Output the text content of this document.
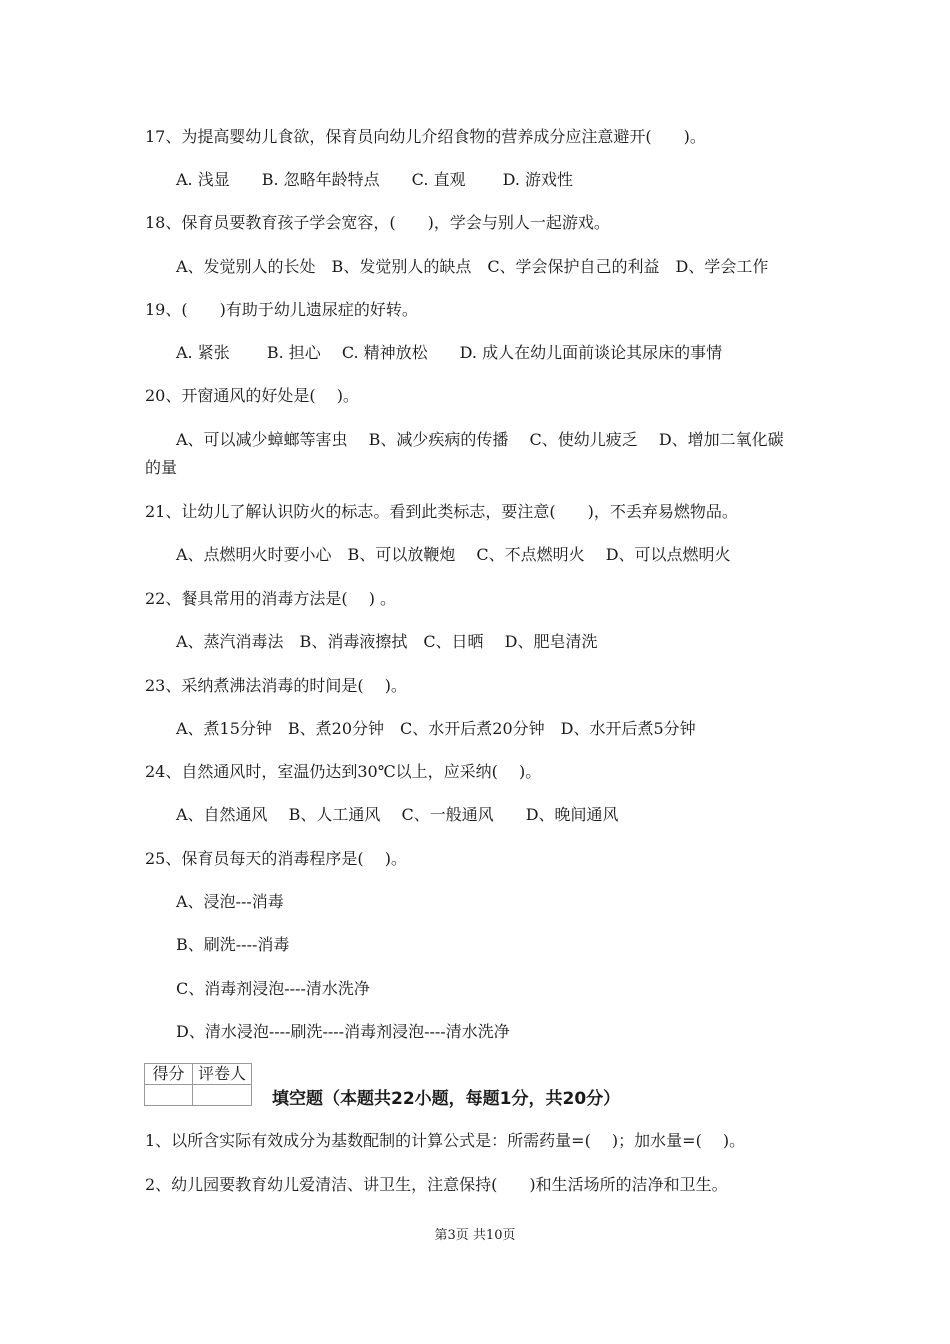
17、为提高婴幼儿食欲，保育员向幼儿介绍食物的营养成分应注意避开(　　)。
A. 浅显　　B. 忽略年龄特点　　C. 直观　　 D. 游戏性
18、保育员要教育孩子学会宽容，(　　)，学会与别人一起游戏。
A、发觉别人的长处　B、发觉别人的缺点　C、学会保护自己的利益　D、学会工作
19、(　　)有助于幼儿遗尿症的好转。
A. 紧张　　 B. 担心　 C. 精神放松　　D. 成人在幼儿面前谈论其尿床的事情
20、开窗通风的好处是(　 )。
A、可以减少蟑螂等害虫　 B、减少疾病的传播　 C、使幼儿疲乏　 D、增加二氧化碳
的量
21、让幼儿了解认识防火的标志。看到此类标志，要注意(　　)，不丢弃易燃物品。
A、点燃明火时要小心　B、可以放鞭炮　 C、不点燃明火　 D、可以点燃明火
22、餐具常用的消毒方法是(　 ) 。
A、蒸汽消毒法　B、消毒液擦拭　C、日晒　 D、肥皂清洗
23、采纳煮沸法消毒的时间是(　 )。
A、煮15分钟　B、煮20分钟　C、水开后煮20分钟　D、水开后煮5分钟
24、自然通风时，室温仍达到30℃以上，应采纳(　 )。
A、自然通风　 B、人工通风　 C、一般通风　　D、晚间通风
25、保育员每天的消毒程序是(　 )。
A、浸泡---消毒
B、刷洗----消毒
C、消毒剂浸泡----清水洗净
D、清水浸泡----刷洗----消毒剂浸泡----清水洗净
得分	评卷人

填空题（本题共22小题，每题1分，共20分）
1、以所含实际有效成分为基数配制的计算公式是：所需药量=(　 )；加水量=(　 )。
2、幼儿园要教育幼儿爱清洁、讲卫生，注意保持(　　)和生活场所的洁净和卫生。
第3页 共10页
